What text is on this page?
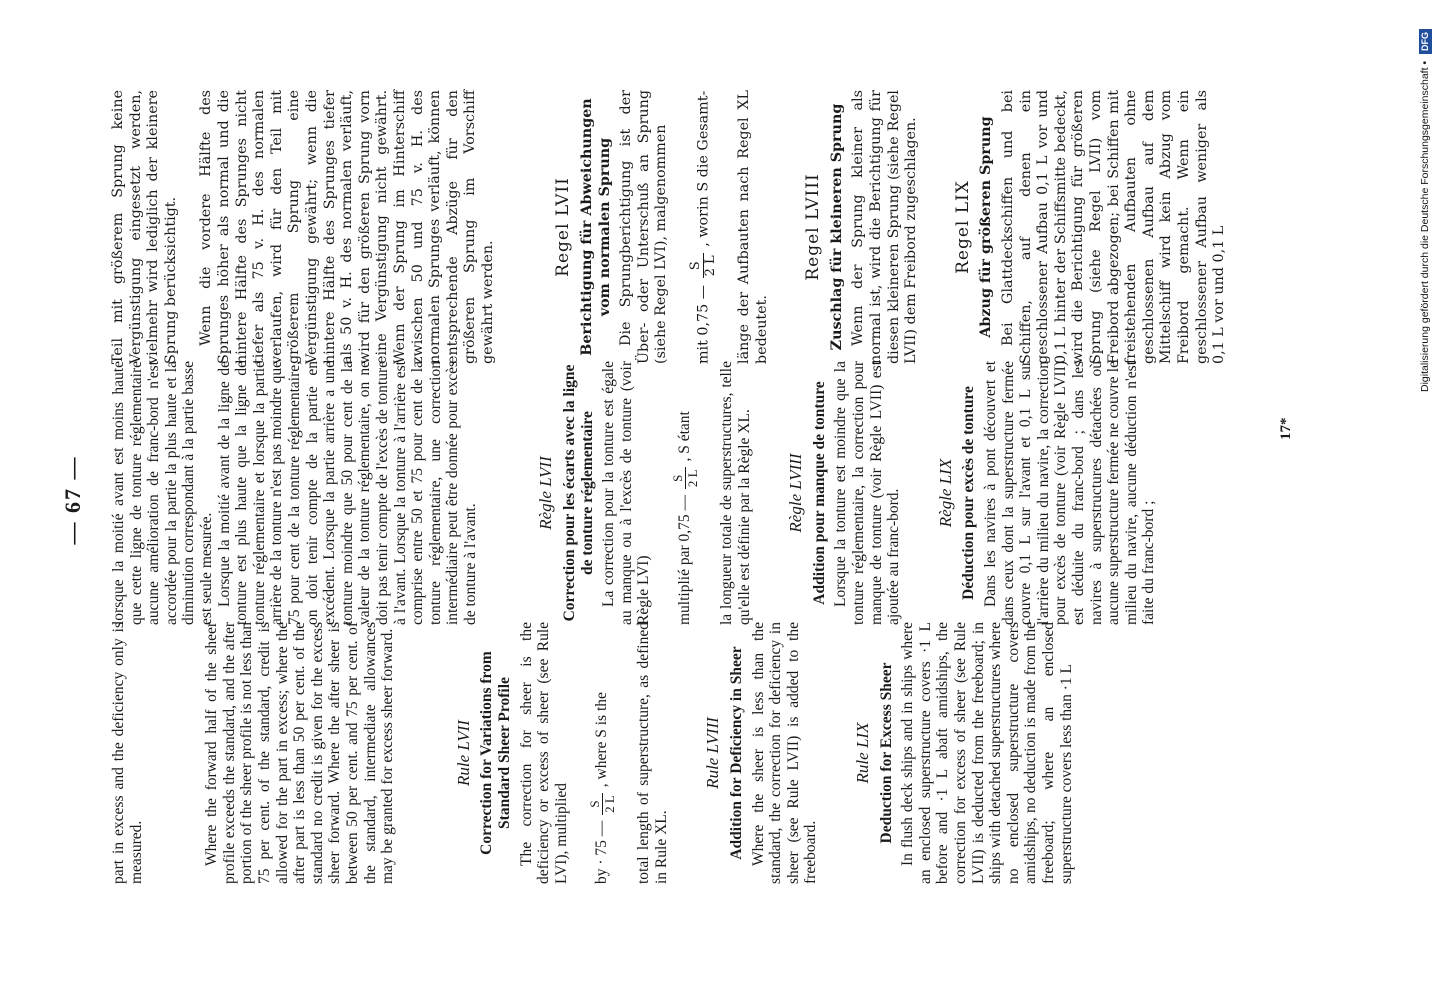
— 67 —

part in excess and the deficiency only is measured.	Where the forward half of the sheer profile exceeds the standard, and the after portion of the sheer profile is not less than 75 per cent. of the standard, credit is allowed for the part in excess; where the after part is less than 50 per cent. of the standard no credit is given for the excess sheer forward. Where the after sheer is between 50 per cent. and 75 per cent. of the standard, intermediate allowances may be granted for excess sheer forward.	Rule LVII Correction for Variations from Standard Sheer Profile The correction for sheer is the deficiency or excess of sheer (see Rule LVI), multiplied	by · 75 —
S 2 L
, where S is the	total length of superstructure, as defined in Rule XL.

Rule LVIII Addition for Deficiency in Sheer Where the sheer is less than the standard, the correction for deficiency in sheer (see Rule LVII) is added to the freeboard.

Rule LIX Deduction for Excess Sheer In flush deck ships and in ships where an enclosed superstructure covers ·1 L before and ·1 L abaft amidships, the correction for excess of sheer (see Rule LVII) is deducted from the freeboard; in ships with detached superstructures where no enclosed superstructure covers amidships, no deduction is made from the freeboard; where an enclosed superstructure covers less than ·1 L

lorsque la moitié avant est moins haute que cette ligne de tonture réglementaire aucune amélioration de franc-bord n'est accordée pour la partie la plus haute et la diminution correspondant à la partie basse est seule mesurée. Lorsque la moitié avant de la ligne de tonture est plus haute que la ligne de tonture réglementaire et lorsque la partie arrière de la tonture n'est pas moindre que 75 pour cent de la tonture réglementaire, on doit tenir compte de la partie en excédent. Lorsque la partie arrière a une tonture moindre que 50 pour cent de la valeur de la tonture réglementaire, on ne doit pas tenir compte de l'excès de tonture à l'avant. Lorsque la tonture à l'arrière est comprise entre 50 et 75 pour cent de la tonture réglementaire, une correction intermédiaire peut être donnée pour excès de tonture à l'avant.

Règle LVII Correction pour les écarts avec la ligne de tonture réglementaire La correction pour la tonture est égale au manque ou à l'excès de tonture (voir Règle LVI)	multiplié par 0,75 —
S 2 L
, S étant	la longueur totale de superstructures, telle qu'elle est définie par la Règle XL. Règle LVIII Addition pour manque de tonture Lorsque la tonture est moindre que la tonture réglementaire, la correction pour manque de tonture (voir Règle LVII) est ajoutée au franc-bord. Règle LIX Déduction pour excès de tonture Dans les navires à pont découvert et dans ceux dont la superstructure fermée couvre 0,1 L sur l'avant et 0,1 L sur l'arrière du milieu du navire, la correction pour excès de tonture (voir Règle LVII) est déduite du franc-bord ; dans les navires à superstructures détachées où aucune superstructure fermée ne couvre le milieu du navire, aucune déduction n'est faite du franc-bord ;

Teil mit größerem Sprung keine Vergünstigung eingesetzt werden, vielmehr wird lediglich der kleinere Sprung berücksichtigt. Wenn die vordere Hälfte des Sprunges höher als normal und die hintere Hälfte des Sprunges nicht tiefer als 75 v. H. des normalen verlaufen, wird für den Teil mit größerem Sprung eine Vergünstigung gewährt; wenn die hintere Hälfte des Sprunges tiefer als 50 v. H. des normalen verläuft, wird für den größeren Sprung vorn eine Vergünstigung nicht gewährt. Wenn der Sprung im Hinterschiff zwischen 50 und 75 v. H. des normalen Sprunges verläuft, können entsprechende Abzüge für den größeren Sprung im Vorschiff gewährt werden.

Regel LVII Berichtigung für Abweichungen vom normalen Sprung Die Sprungberichtigung ist der Über- oder Unterschuß an Sprung (siehe Regel LVI), malgenommen	mit 0,75 —
S 2 L
, worin S die Gesamt-	länge der Aufbauten nach Regel XL bedeutet.

Regel LVIII Zuschlag für kleineren Sprung Wenn der Sprung kleiner als normal ist, wird die Berichtigung für diesen kleineren Sprung (siehe Regel LVII) dem Freibord zugeschlagen. Regel LIX Abzug für größeren Sprung Bei Glattdeckschiffen und bei Schiffen, auf denen ein geschlossener Aufbau 0,1 L vor und 0,1 L hinter der Schiffsmitte bedeckt, wird die Berichtigung für größeren Sprung (siehe Regel LVII) vom Freibord abgezogen; bei Schiffen mit freistehenden Aufbauten ohne geschlossenen Aufbau auf dem Mittelschiff wird kein Abzug vom Freibord gemacht. Wenn ein geschlossener Aufbau weniger als 0,1 L vor und 0,1 L

17*
Digitalisierung gefördert durch die Deutsche Forschungsgemeinschaft • DFG
